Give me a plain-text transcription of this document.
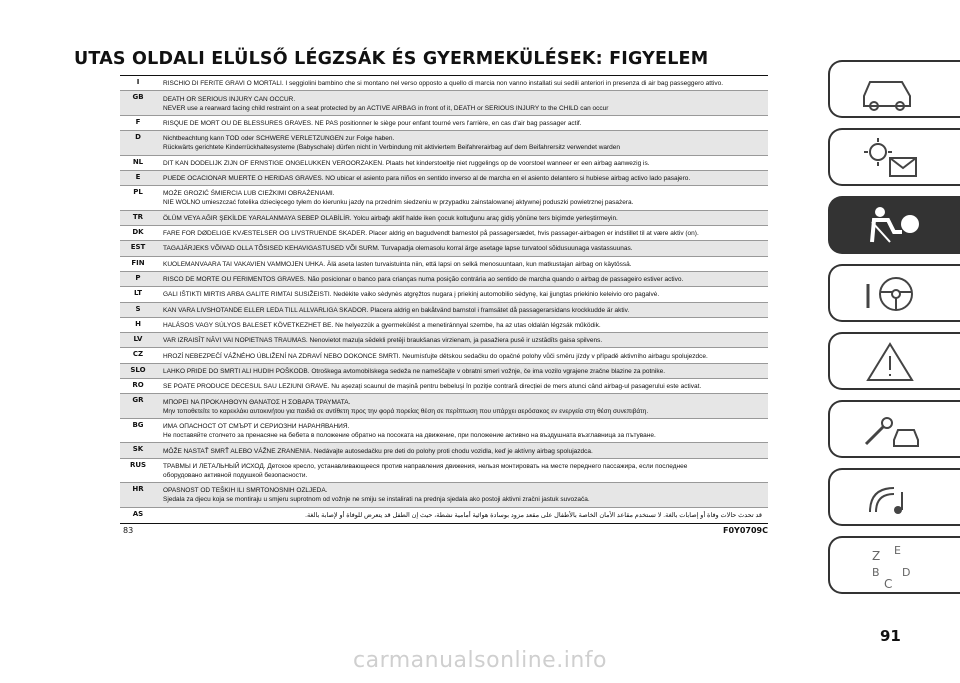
UTAS OLDALI ELÜLSŐ LÉGZSÁK ÉS GYERMEKÜLÉSEK: FIGYELEM
I	RISCHIO DI FERITE GRAVI O MORTALI. I seggiolini bambino che si montano nel verso opposto a quello di marcia non vanno installati sui sedili anteriori in presenza di air bag passeggero attivo.
GB	DEATH OR SERIOUS INJURY CAN OCCUR.
NEVER use a rearward facing child restraint on a seat protected by an ACTIVE AIRBAG in front of it, DEATH or SERIOUS INJURY to the CHILD can occur
F	RISQUE DE MORT OU DE BLESSURES GRAVES. NE PAS positionner le siège pour enfant tourné vers l'arrière, en cas d'air bag passager actif.
D	Nichtbeachtung kann TOD oder SCHWERE VERLETZUNGEN zur Folge haben.
Rückwärts gerichtete Kinderrückhaltesysteme (Babyschale) dürfen nicht in Verbindung mit aktiviertem Beifahrerairbag auf dem Beifahrersitz verwendet warden
NL	DIT KAN DODELIJK ZIJN OF ERNSTIGE ONGELUKKEN VEROORZAKEN. Plaats het kinderstoeltje niet ruggelings op de voorstoel wanneer er een airbag aanwezig is.
E	PUEDE OCACIONAR MUERTE O HERIDAS GRAVES. NO ubicar el asiento para niños en sentido inverso al de marcha en el asiento delantero si hubiese airbag activo lado pasajero.
PL	MOŻE GROZIĆ ŚMIERCIA LUB CIEŻKIMI OBRAŻENIAMI.
NIE WOLNO umieszczać fotelika dziecięcego tyłem do kierunku jazdy na przednim siedzeniu w przypadku zainstalowanej aktywnej poduszki powietrznej pasażera.
TR	ÖLÜM VEYA AĞIR ŞEKİLDE YARALANMAYA SEBEP OLABİLİR. Yolcu airbağı aktif halde iken çocuk koltuğunu araç gidiş yönüne ters biçimde yerleştirmeyin.
DK	FARE FOR DØDELIGE KVÆSTELSER OG LIVSTRUENDE SKADER. Placer aldrig en bagudvendt barnestol på passagersædet, hvis passager-airbagen er indstillet til at være aktiv (on).
EST	TAGAJÄRJEKS VÕIVAD OLLA TÕSISED KEHAVIGASTUSED VÕI SURM. Turvapadja olemasolu korral ärge asetage lapse turvatool sõidusuunaga vastassuunas.
FIN	KUOLEMANVAARA TAI VAKAVIEN VAMMOJEN UHKA. Älä aseta lasten turvaistuinta niin, että lapsi on selkä menosuuntaan, kun matkustajan airbag on käytössä.
P	RISCO DE MORTE OU FERIMENTOS GRAVES. Não posicionar o banco para crianças numa posição contrária ao sentido de marcha quando o airbag de passageiro estiver activo.
LT	GALI IŠTIKTI MIRTIS ARBA GALITE RIMTAI SUSIŽEISTI. Nedėkite vaiko sėdynės atgręžtos nugara į priekinį automobilio sėdynę, kai įjungtas priekinio keleivio oro pagalvė.
S	KAN VARA LIVSHOTANDE ELLER LEDA TILL ALLVARLIGA SKADOR. Placera aldrig en bakåtvänd barnstol i framsätet då passagerarsidans krockkudde är aktiv.
H	HALÁSOS VAGY SÚLYOS BALESET KÖVETKEZHET BE. Ne helyezzük a gyermekülést a menetiránnyal szembe, ha az utas oldalán légzsák működik.
LV	VAR IZRAISĪT NĀVI VAI NOPIETNAS TRAUMAS. Nenovietot mazuļa sēdekli pretēji braukšanas virzienam, ja pasažiera pusē ir uzstādīts gaisa spilvens.
CZ	HROZÍ NEBEZPEČÍ VÁŽNÉHO ÚBLIŽENÍ NA ZDRAVÍ NEBO DOKONCE SMRTI. Neumísťujte dětskou sedačku do opačné polohy vůči směru jízdy v případě aktivního airbagu spolujezdce.
SLO	LAHKO PRIDE DO SMRTI ALI HUDIH POŠKODB. Otroškega avtomobilskega sedeža ne nameščajte v obratni smeri vožnje, če ima vozilo vgrajene zračne blazine za potnike.
RO	SE POATE PRODUCE DECESUL SAU LEZIUNI GRAVE. Nu așezați scaunul de mașină pentru bebeluși în poziție contrară direcției de mers atunci când airbag-ul pasagerului este activat.
GR	ΜΠΟΡΕΙ ΝΑ ΠΡΟΚΛΗΘΟΥΝ ΘΑΝΑΤΟΣ Η ΣΟΒΑΡΑ ΤΡΑΥΜΑΤΑ.
Μην τοποθετείτε το καρεκλάκι αυτοκινήτου για παιδιά σε αντίθετη προς την φορά πορείας θέση σε περίπτωση που υπάρχει αερόσακος εν ενεργεία στη θέση συνεπιβάτη.
BG	ИМА ОПАСНОСТ ОТ СМЪРТ И СЕРИОЗНИ НАРАНЯВАНИЯ.
Не поставяйте столчето за пренасяне на бебета в положение обратно на посоката на движение, при положение активно на въздушната възглавница за пътуване.
SK	MÔŽE NASTAŤ SMRŤ ALEBO VÁŽNE ZRANENIA. Nedávajte autosedačku pre deti do polohy proti chodu vozidla, keď je aktívny airbag spolujazdca.
RUS	ТРАВМЫ И ЛЕТАЛЬНЫЙ ИСХОД. Детское кресло, устанавливающееся против направления движения, нельзя монтировать на месте переднего пассажира, если последнее
оборудовано активной подушкой безопасности.
HR	OPASNOST OD TEŠKIH ILI SMRTONOSNIH OZLJEDA.
Sjedala za djecu koja se montiraju u smjeru suprotnom od vožnje ne smiju se instalirati na prednja sjedala ako postoji aktivni zračni jastuk suvozača.
AS	قد تحدث حالات وفاة أو إصابات بالغة. لا تستخدم مقاعد الأمان الخاصة بالأطفال على مقعد مزود بوسادة هوائية أمامية نشطة، حيث إن الطفل قد يتعرض للوفاة أو لإصابة بالغة.
83	F0Y0709C
91
carmanualsonline.info
Z E
B
C
D
